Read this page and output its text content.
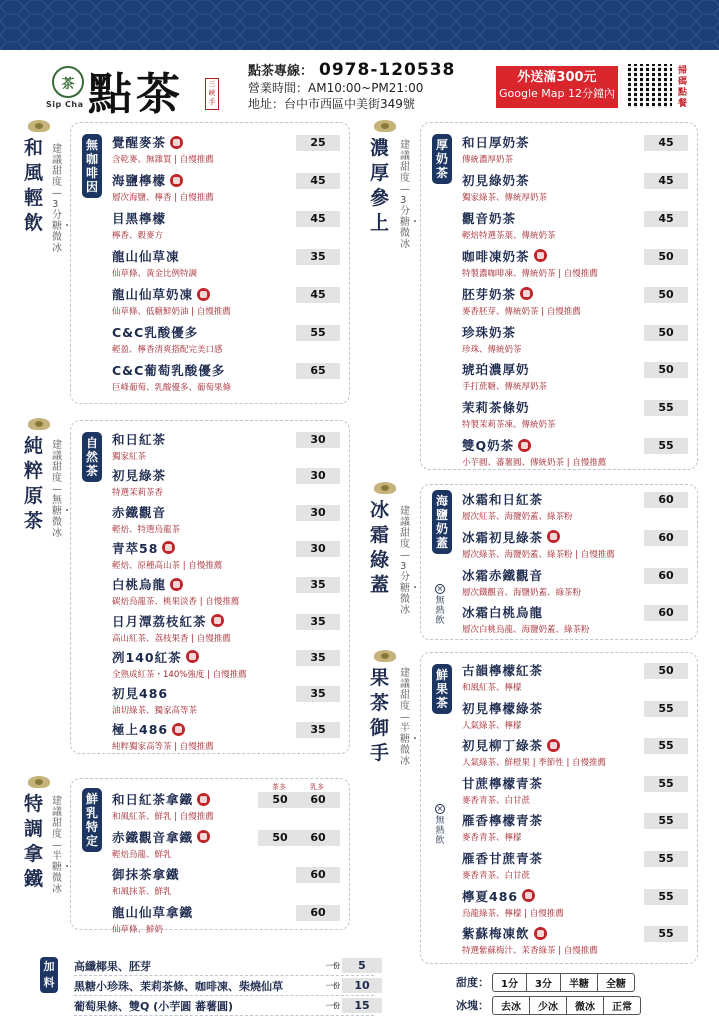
茶
Sip Cha 點茶	三峽手
點茶專線： 0978-120538
營業時間：AM10:00~PM21:00
地址：台中市西區中美街349號
外送滿300元
Google Map 12分鐘內
掃碼點餐
和風輕飲
建議甜度—3分糖・微冰
無咖啡因
覺醒麥茶
含乾麥、無雜質 | 自慢推薦
25
海鹽檸檬
層次海鹽、檸香 | 自慢推薦
45
目黑檸檬
檸香、穀麥方
45
龍山仙草凍
仙草條、黃金比例特調
35
龍山仙草奶凍
仙草條、低糖鮮奶油 | 自慢推薦
45
C&C乳酸優多
輕盈、檸香清爽搭配完美口感
55
C&C葡萄乳酸優多
巨峰葡萄、乳酸優多、葡萄果條
65
純粹原茶
建議甜度—無糖・微冰
自然茶
和日紅茶
獨家紅茶
30
初見綠茶
特選茉莉茶香
30
赤鐵觀音
輕焙、特選烏龍茶
30
青萃58
輕焙、原種高山茶 | 自慢推薦
30
白桃烏龍
碳焙烏龍茶、桃果淡香 | 自慢推薦
35
日月潭荔枝紅茶
高山紅茶、荔枝果香 | 自慢推薦
35
冽140紅茶
全熟成紅茶・140%強度 | 自慢推薦
35
初見486
油切綠茶、獨家高等茶
35
極上486
純粹獨家高等茶 | 自慢推薦
35
特調拿鐵
建議甜度—半糖・微冰
鮮乳特定
茶多	乳多
和日紅茶拿鐵
和風紅茶、鮮乳 | 自慢推薦
50	60
赤鐵觀音拿鐵
輕焙烏龍、鮮乳
50	60
御抹茶拿鐵
和風抹茶、鮮乳
60
龍山仙草拿鐵
仙草條、鮮奶
60
濃厚參上
建議甜度—3分糖・微冰
厚奶茶
和日厚奶茶
傳統濃厚奶茶
45
初見綠奶茶
獨家綠茶、傳統厚奶茶
45
觀音奶茶
輕焙特選茶葉、傳統奶茶
45
咖啡凍奶茶
特製濃咖啡凍、傳統奶茶 | 自慢推薦
50
胚芽奶茶
麥香胚芽、傳統奶茶 | 自慢推薦
50
珍珠奶茶
珍珠、傳統奶茶
50
琥珀濃厚奶
手打蔗糖、傳統厚奶茶
50
茉莉茶條奶
特製茉莉茶凍、傳統奶茶
55
雙Q奶茶
小芋圓、蕃薯圓、傳統奶茶 | 自慢推薦
55
冰霜綠蓋
建議甜度—3分糖・微冰
海鹽奶蓋
×
無熱飲
冰霜和日紅茶
層次紅茶、海鹽奶蓋、綠茶粉
60
冰霜初見綠茶
層次綠茶、海鹽奶蓋、綠茶粉 | 自慢推薦
60
冰霜赤鐵觀音
層次鐵觀音、海鹽奶蓋、綠茶粉
60
冰霜白桃烏龍
層次白桃烏龍、海鹽奶蓋、綠茶粉
60
果茶御手
建議甜度—半糖・微冰
鮮果茶
×
無熱飲
古韻檸檬紅茶
和風紅茶、檸檬
50
初見檸檬綠茶
人氣綠茶、檸檬
55
初見柳丁綠茶
人氣綠茶、鮮橙果 | 季節性 | 自慢推薦
55
甘蔗檸檬青茶
麥香青茶、白甘蔗
55
雁香檸檬青茶
麥香青茶、檸檬
55
雁香甘蔗青茶
麥香青茶、白甘蔗
55
檸夏486
烏龍綠茶、檸檬 | 自慢推薦
55
紫蘇梅凍飲
特選紫蘇梅汁、茉香綠茶 | 自慢推薦
55
加料
高纖椰果、胚芽	一份	5
黑糖小珍珠、茉莉茶條、咖啡凍、柴燒仙草	一份	10
葡萄果條、雙Q (小芋圓 蕃薯圓)	一份	15
甜度：	1分	3分	半糖	全糖
冰塊：	去冰	少冰	微冰	正常
